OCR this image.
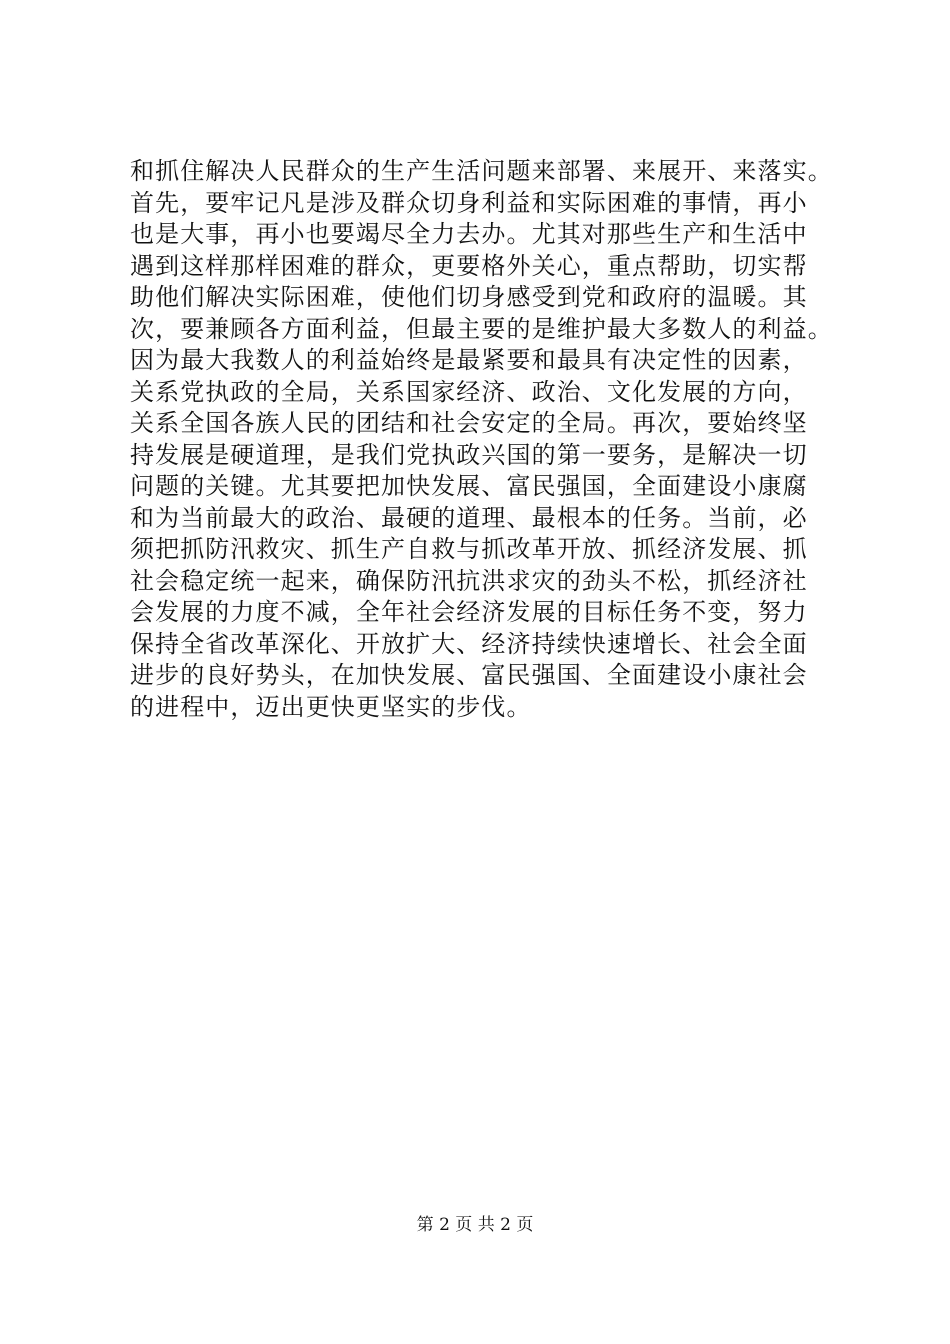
和抓住解决人民群众的生产生活问题来部署、来展开、来落实。
首先，要牢记凡是涉及群众切身利益和实际困难的事情，再小
也是大事，再小也要竭尽全力去办。尤其对那些生产和生活中
遇到这样那样困难的群众，更要格外关心，重点帮助，切实帮
助他们解决实际困难，使他们切身感受到党和政府的温暖。其
次，要兼顾各方面利益，但最主要的是维护最大多数人的利益。
因为最大我数人的利益始终是最紧要和最具有决定性的因素，
关系党执政的全局，关系国家经济、政治、文化发展的方向，
关系全国各族人民的团结和社会安定的全局。再次，要始终坚
持发展是硬道理，是我们党执政兴国的第一要务，是解决一切
问题的关键。尤其要把加快发展、富民强国，全面建设小康腐
和为当前最大的政治、最硬的道理、最根本的任务。当前，必
须把抓防汛救灾、抓生产自救与抓改革开放、抓经济发展、抓
社会稳定统一起来，确保防汛抗洪求灾的劲头不松，抓经济社
会发展的力度不减，全年社会经济发展的目标任务不变，努力
保持全省改革深化、开放扩大、经济持续快速增长、社会全面
进步的良好势头，在加快发展、富民强国、全面建设小康社会
的进程中，迈出更快更坚实的步伐。
第 2 页 共 2 页
